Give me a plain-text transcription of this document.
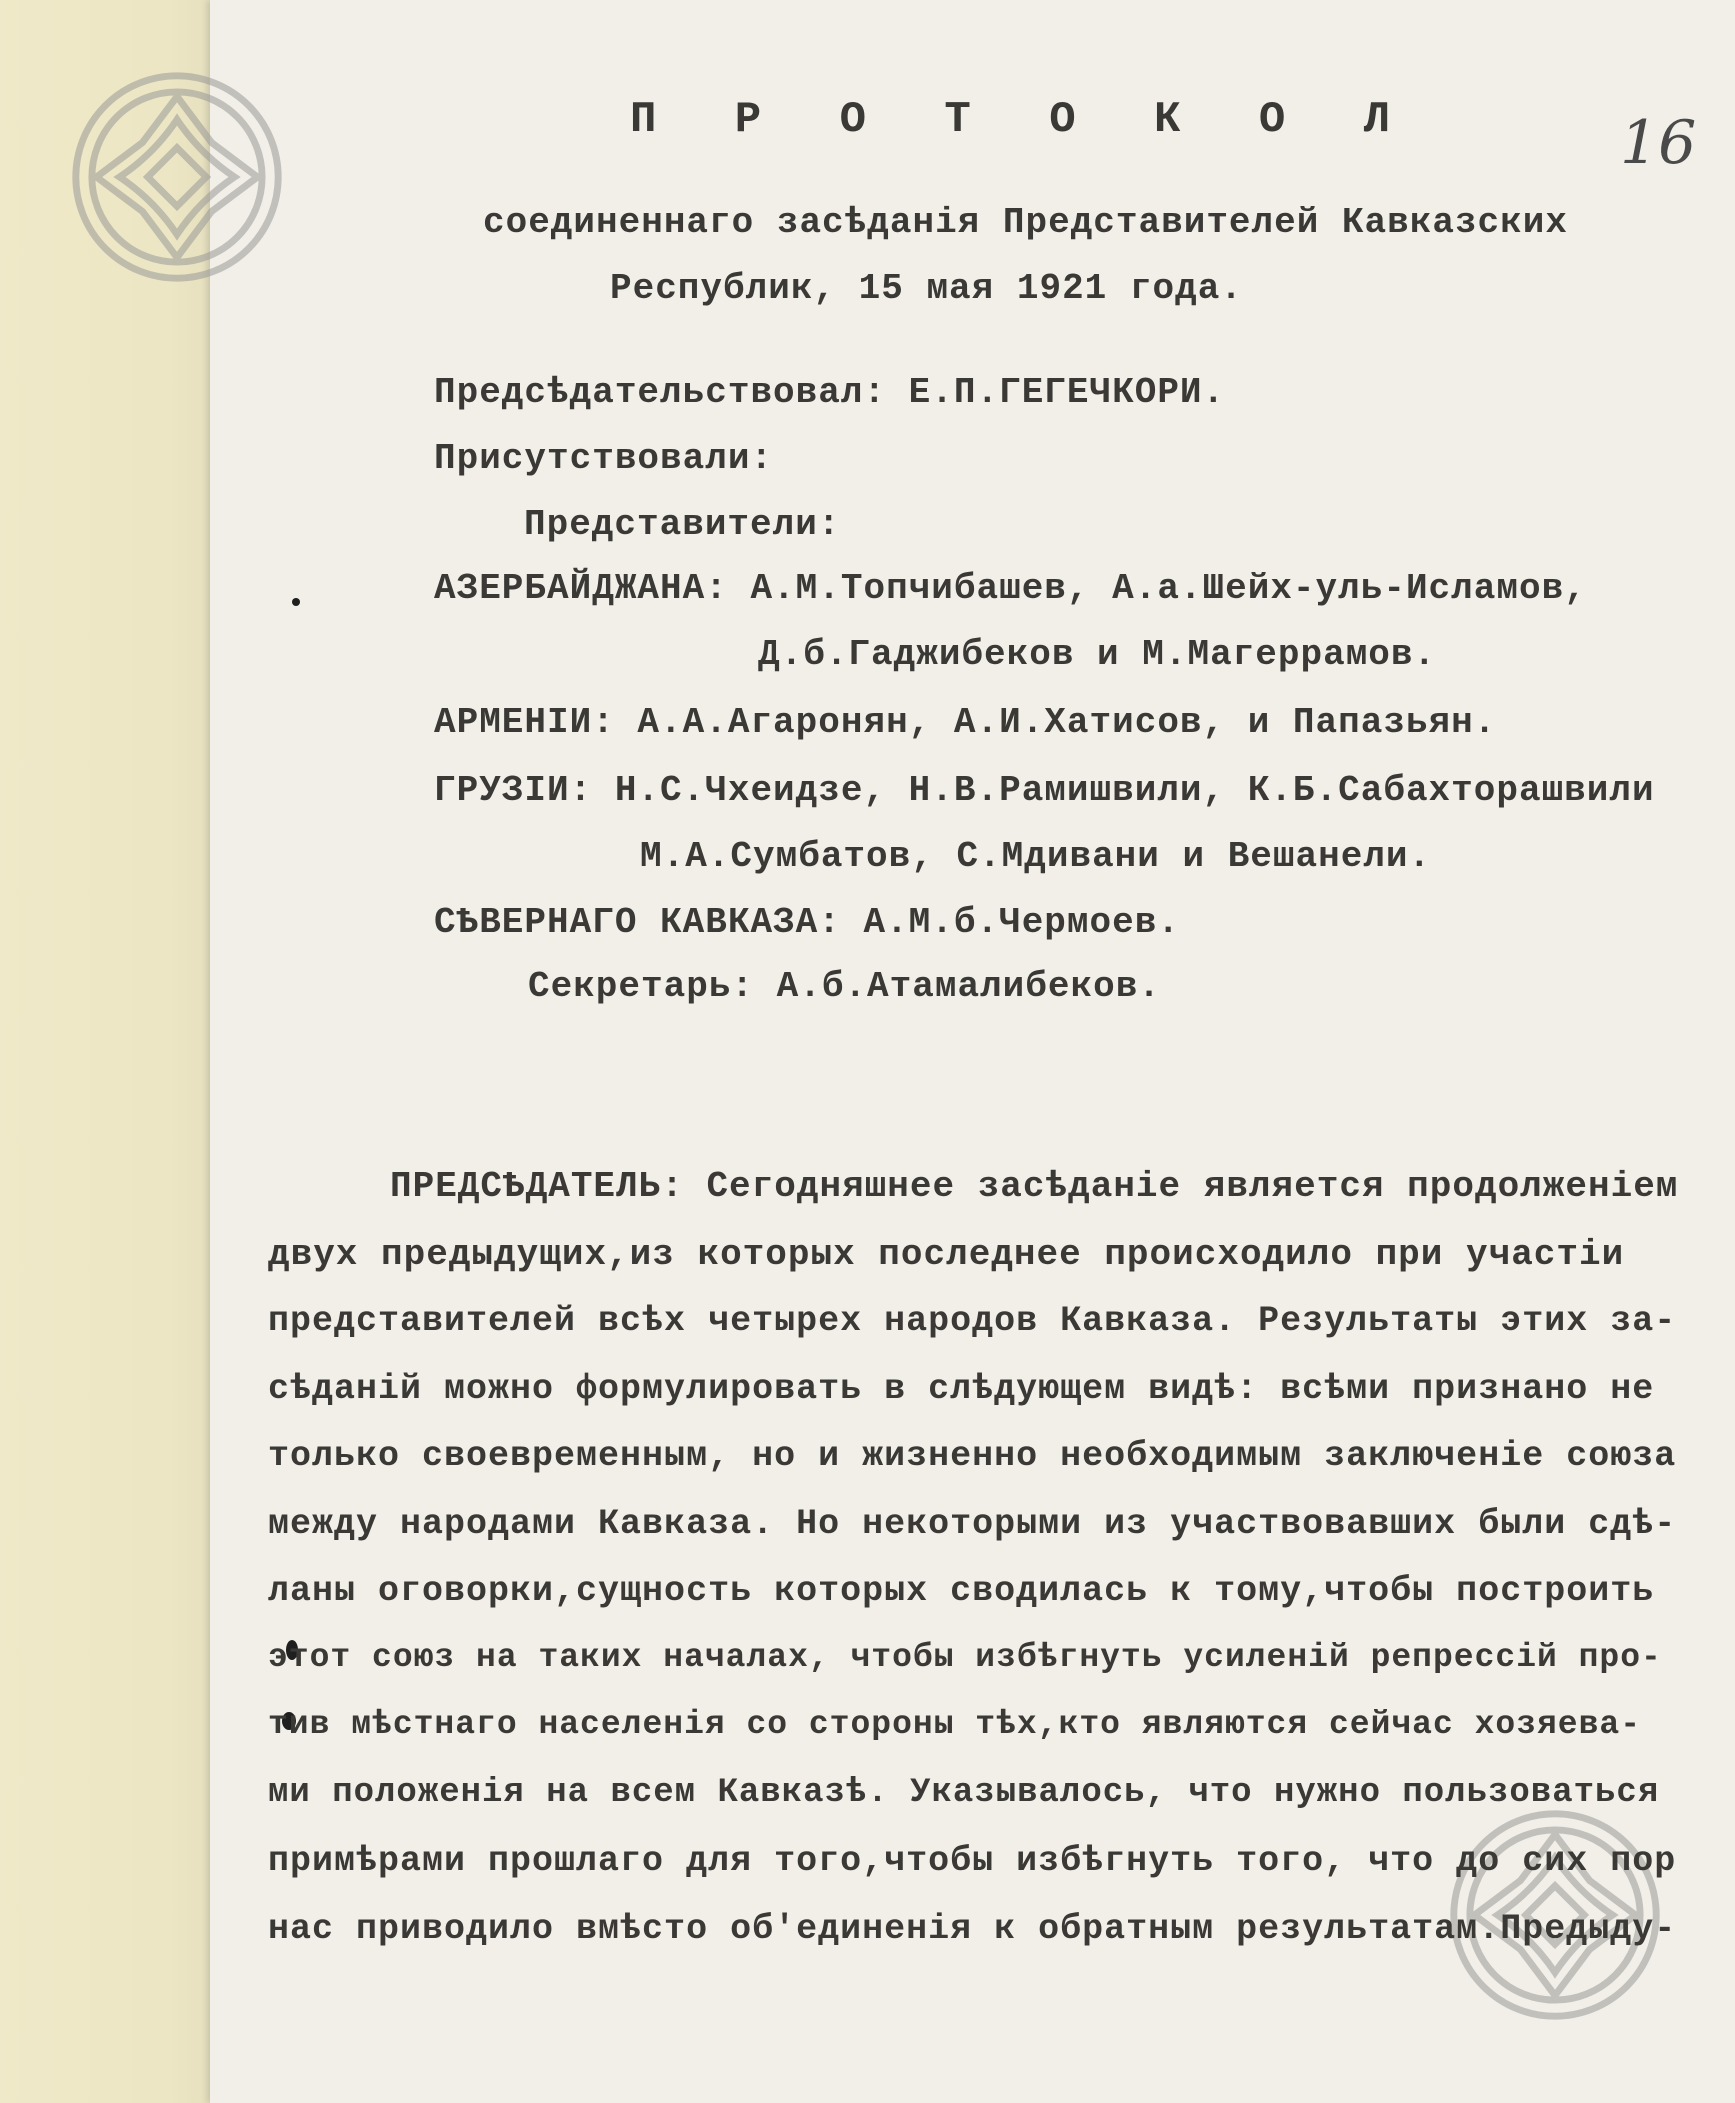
П Р О Т О К О Л	16
соединеннаго засѣданія Представителей Кавказских
Республик, 15 мая 1921 года.
Предсѣдательствовал: Е.П.ГЕГЕЧКОРИ.
Присутствовали:
Представители:
АЗЕРБАЙДЖАНА: А.М.Топчибашев, А.а.Шейх-уль-Исламов,
Д.б.Гаджибеков и М.Магеррамов.
АРМЕНІИ: А.А.Агаронян, А.И.Хатисов, и Папазьян.
ГРУЗІИ: Н.С.Чхеидзе, Н.В.Рамишвили, К.Б.Сабахторашвили
М.А.Сумбатов, С.Мдивани и Вешанели.
СѢВЕРНАГО КАВКАЗА: А.М.б.Чермоев.
Секретарь: А.б.Атамалибеков.
ПРЕДСѢДАТЕЛЬ: Сегодняшнее засѣданіе является продолженіем
двух предыдущих,из которых последнее происходило при участіи
представителей всѣх четырех народов Кавказа. Результаты этих за-
сѣданій можно формулировать в слѣдующем видѣ: всѣми признано не
только своевременным, но и жизненно необходимым заключеніе союза
между народами Кавказа. Но некоторыми из участвовавших были сдѣ-
ланы оговорки,сущность которых сводилась к тому,чтобы построить
этот союз на таких началах, чтобы избѣгнуть усиленій репрессій про-
тив мѣстнаго населенія со стороны тѣх,кто являются сейчас хозяева-
ми положенія на всем Кавказѣ. Указывалось, что нужно пользоваться
примѣрами прошлаго для того,чтобы избѣгнуть того, что до сих пор
нас приводило вмѣсто об'единенія к обратным результатам.Предыду-
